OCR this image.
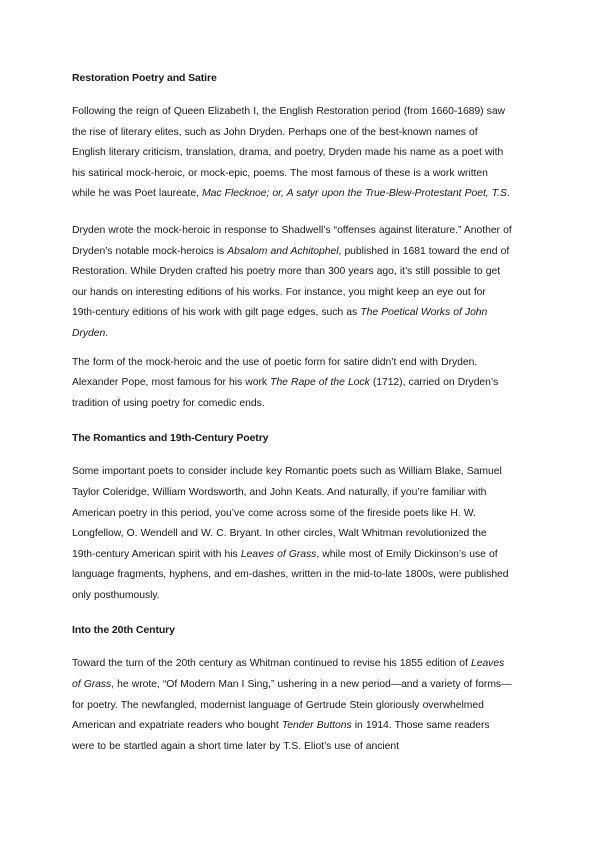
Restoration Poetry and Satire

Following the reign of Queen Elizabeth I, the English Restoration period (from 1660-1689) saw the rise of literary elites, such as John Dryden. Perhaps one of the best-known names of English literary criticism, translation, drama, and poetry, Dryden made his name as a poet with his satirical mock-heroic, or mock-epic, poems. The most famous of these is a work written while he was Poet laureate, Mac Flecknoe; or, A satyr upon the True-Blew-Protestant Poet, T.S.

Dryden wrote the mock-heroic in response to Shadwell’s “offenses against literature.” Another of Dryden’s notable mock-heroics is Absalom and Achitophel, published in 1681 toward the end of Restoration. While Dryden crafted his poetry more than 300 years ago, it’s still possible to get our hands on interesting editions of his works. For instance, you might keep an eye out for 19th-century editions of his work with gilt page edges, such as The Poetical Works of John Dryden.

The form of the mock-heroic and the use of poetic form for satire didn’t end with Dryden. Alexander Pope, most famous for his work The Rape of the Lock (1712), carried on Dryden’s tradition of using poetry for comedic ends.

The Romantics and 19th-Century Poetry

Some important poets to consider include key Romantic poets such as William Blake, Samuel Taylor Coleridge, William Wordsworth, and John Keats. And naturally, if you’re familiar with American poetry in this period, you’ve come across some of the fireside poets like H. W. Longfellow, O. Wendell and W. C. Bryant. In other circles, Walt Whitman revolutionized the 19th-century American spirit with his Leaves of Grass, while most of Emily Dickinson’s use of language fragments, hyphens, and em-dashes, written in the mid-to-late 1800s, were published only posthumously.

Into the 20th Century

Toward the turn of the 20th century as Whitman continued to revise his 1855 edition of Leaves of Grass, he wrote, “Of Modern Man I Sing,” ushering in a new period—and a variety of forms—for poetry. The newfangled, modernist language of Gertrude Stein gloriously overwhelmed American and expatriate readers who bought Tender Buttons in 1914. Those same readers were to be startled again a short time later by T.S. Eliot’s use of ancient
